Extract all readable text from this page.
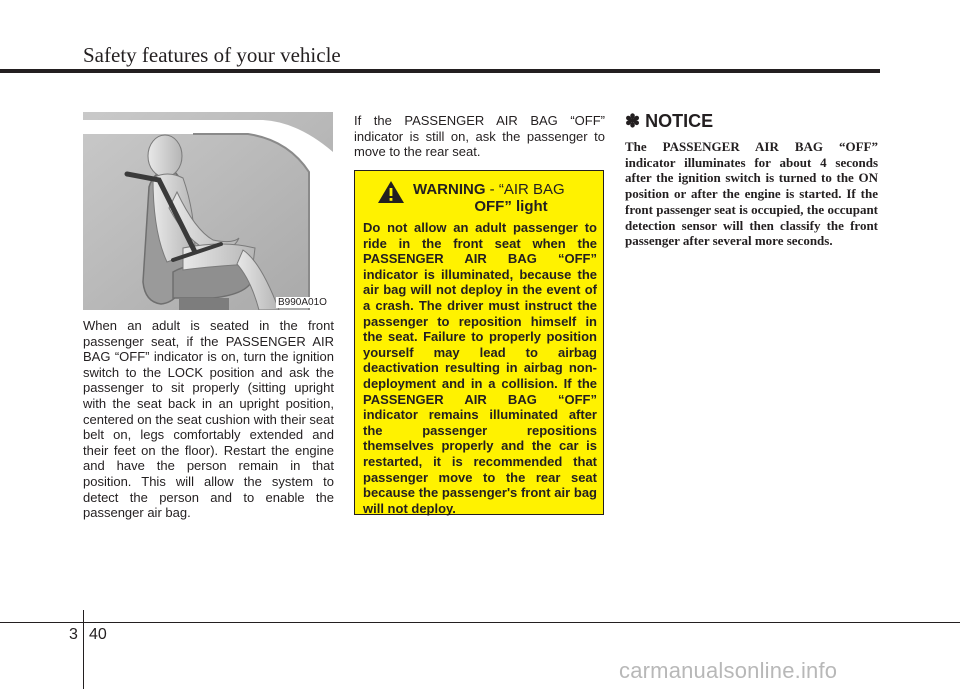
Safety features of your vehicle
B990A01O
When an adult is seated in the front passenger seat, if the PASSENGER AIR BAG “OFF” indicator is on, turn the ignition switch to the LOCK position and ask the passenger to sit properly (sitting upright with the seat back in an upright position, centered on the seat cushion with their seat belt on, legs comfortably extended and their feet on the floor). Restart the engine and have the person remain in that position. This will allow the system to detect the person and to enable the passenger air bag.
If the PASSENGER AIR BAG “OFF” indicator is still on, ask the passenger to move to the rear seat.
WARNING - “AIR BAG
OFF” light
Do not allow an adult passenger to ride in the front seat when the PASSENGER AIR BAG “OFF” indicator is illuminated, because the air bag will not deploy in the event of a crash. The driver must instruct the passenger to reposition himself in the seat. Failure to properly position yourself may lead to airbag deactivation resulting in airbag non-deployment and in a collision. If the PASSENGER AIR BAG “OFF” indicator remains illuminated after the passenger repositions themselves properly and the car is restarted, it is recommended that passenger move to the rear seat because the passenger's front air bag will not deploy.
✽ NOTICE
The PASSENGER AIR BAG “OFF” indicator illuminates for about 4 seconds after the ignition switch is turned to the ON position or after the engine is started. If the front passenger seat is occupied, the occupant detection sensor will then classify the front passenger after several more seconds.
3 40
carmanualsonline.info
